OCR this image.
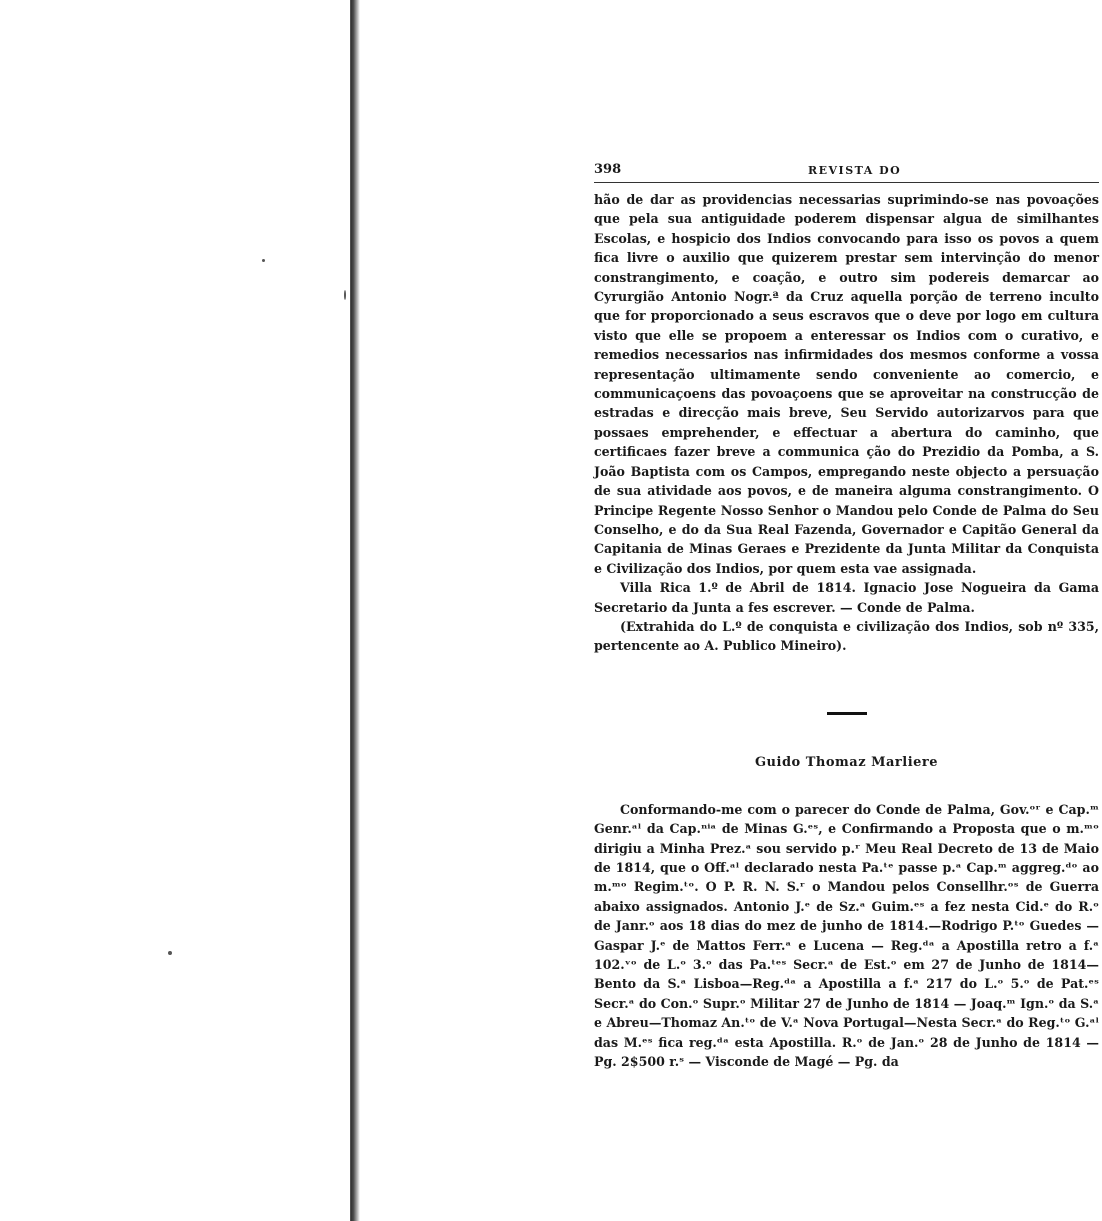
398	REVISTA DO

hão de dar as providencias necessarias suprimindo-se nas povoações que pela sua antiguidade poderem dispensar algua de similhantes Escolas, e hospicio dos Indios convocando para isso os povos a quem fica livre o auxilio que quizerem prestar sem intervinção do menor constrangimento, e coação, e outro sim podereis demarcar ao Cyrurgião Antonio Nogr.ª da Cruz aquella porção de terreno inculto que for proporcionado a seus escravos que o deve por logo em cultura visto que elle se propoem a enteressar os Indios com o curativo, e remedios necessarios nas infirmidades dos mesmos conforme a vossa representação ultimamente sendo conveniente ao comercio, e communicaçoens das povoaçoens que se aproveitar na construcção de estradas e direcção mais breve, Seu Servido autorizarvos para que possaes emprehender, e effectuar a abertura do caminho, que certificaes fazer breve a communica ção do Prezidio da Pomba, a S. João Baptista com os Campos, empregando neste objecto a persuação de sua atividade aos povos, e de maneira alguma constrangimento. O Principe Regente Nosso Senhor o Mandou pelo Conde de Palma do Seu Conselho, e do da Sua Real Fazenda, Governador e Capitão General da Capitania de Minas Geraes e Prezidente da Junta Militar da Conquista e Civilização dos Indios, por quem esta vae assignada.

Villa Rica 1.º de Abril de 1814. Ignacio Jose Nogueira da Gama Secretario da Junta a fes escrever. — Conde de Palma.

(Extrahida do L.º de conquista e civilização dos Indios, sob nº 335, pertencente ao A. Publico Mineiro).

Guido Thomaz Marliere

Conformando-me com o parecer do Conde de Palma, Gov.ᵒʳ e Cap.ᵐ Genr.ᵃˡ da Cap.ⁿⁱᵃ de Minas G.ᵉˢ, e Confirmando a Proposta que o m.ᵐᵒ dirigiu a Minha Prez.ᵃ sou servido p.ʳ Meu Real Decreto de 13 de Maio de 1814, que o Off.ᵃˡ declarado nesta Pa.ᵗᵉ passe p.ᵃ Cap.ᵐ aggreg.ᵈᵒ ao m.ᵐᵒ Regim.ᵗᵒ. O P. R. N. S.ʳ o Mandou pelos Consellhr.ᵒˢ de Guerra abaixo assignados. Antonio J.ᵉ de Sz.ᵃ Guim.ᵉˢ a fez nesta Cid.ᵉ do R.ᵒ de Janr.ᵒ aos 18 dias do mez de junho de 1814.—Rodrigo P.ᵗᵒ Guedes — Gaspar J.ᵉ de Mattos Ferr.ᵃ e Lucena — Reg.ᵈᵃ a Apostilla retro a f.ᵃ 102.ᵛᵒ de L.ᵒ 3.ᵒ das Pa.ᵗᵉˢ Secr.ᵃ de Est.ᵒ em 27 de Junho de 1814—Bento da S.ᵃ Lisboa—Reg.ᵈᵃ a Apostilla a f.ᵃ 217 do L.ᵒ 5.ᵒ de Pat.ᵉˢ Secr.ᵃ do Con.ᵒ Supr.ᵒ Militar 27 de Junho de 1814 — Joaq.ᵐ Ign.ᵒ da S.ᵃ e Abreu—Thomaz An.ᵗᵒ de V.ᵃ Nova Portugal—Nesta Secr.ᵃ do Reg.ᵗᵒ G.ᵃˡ das M.ᵉˢ fica reg.ᵈᵃ esta Apostilla. R.ᵒ de Jan.ᵒ 28 de Junho de 1814 — Pg. 2$500 r.ˢ — Visconde de Magé — Pg. da
